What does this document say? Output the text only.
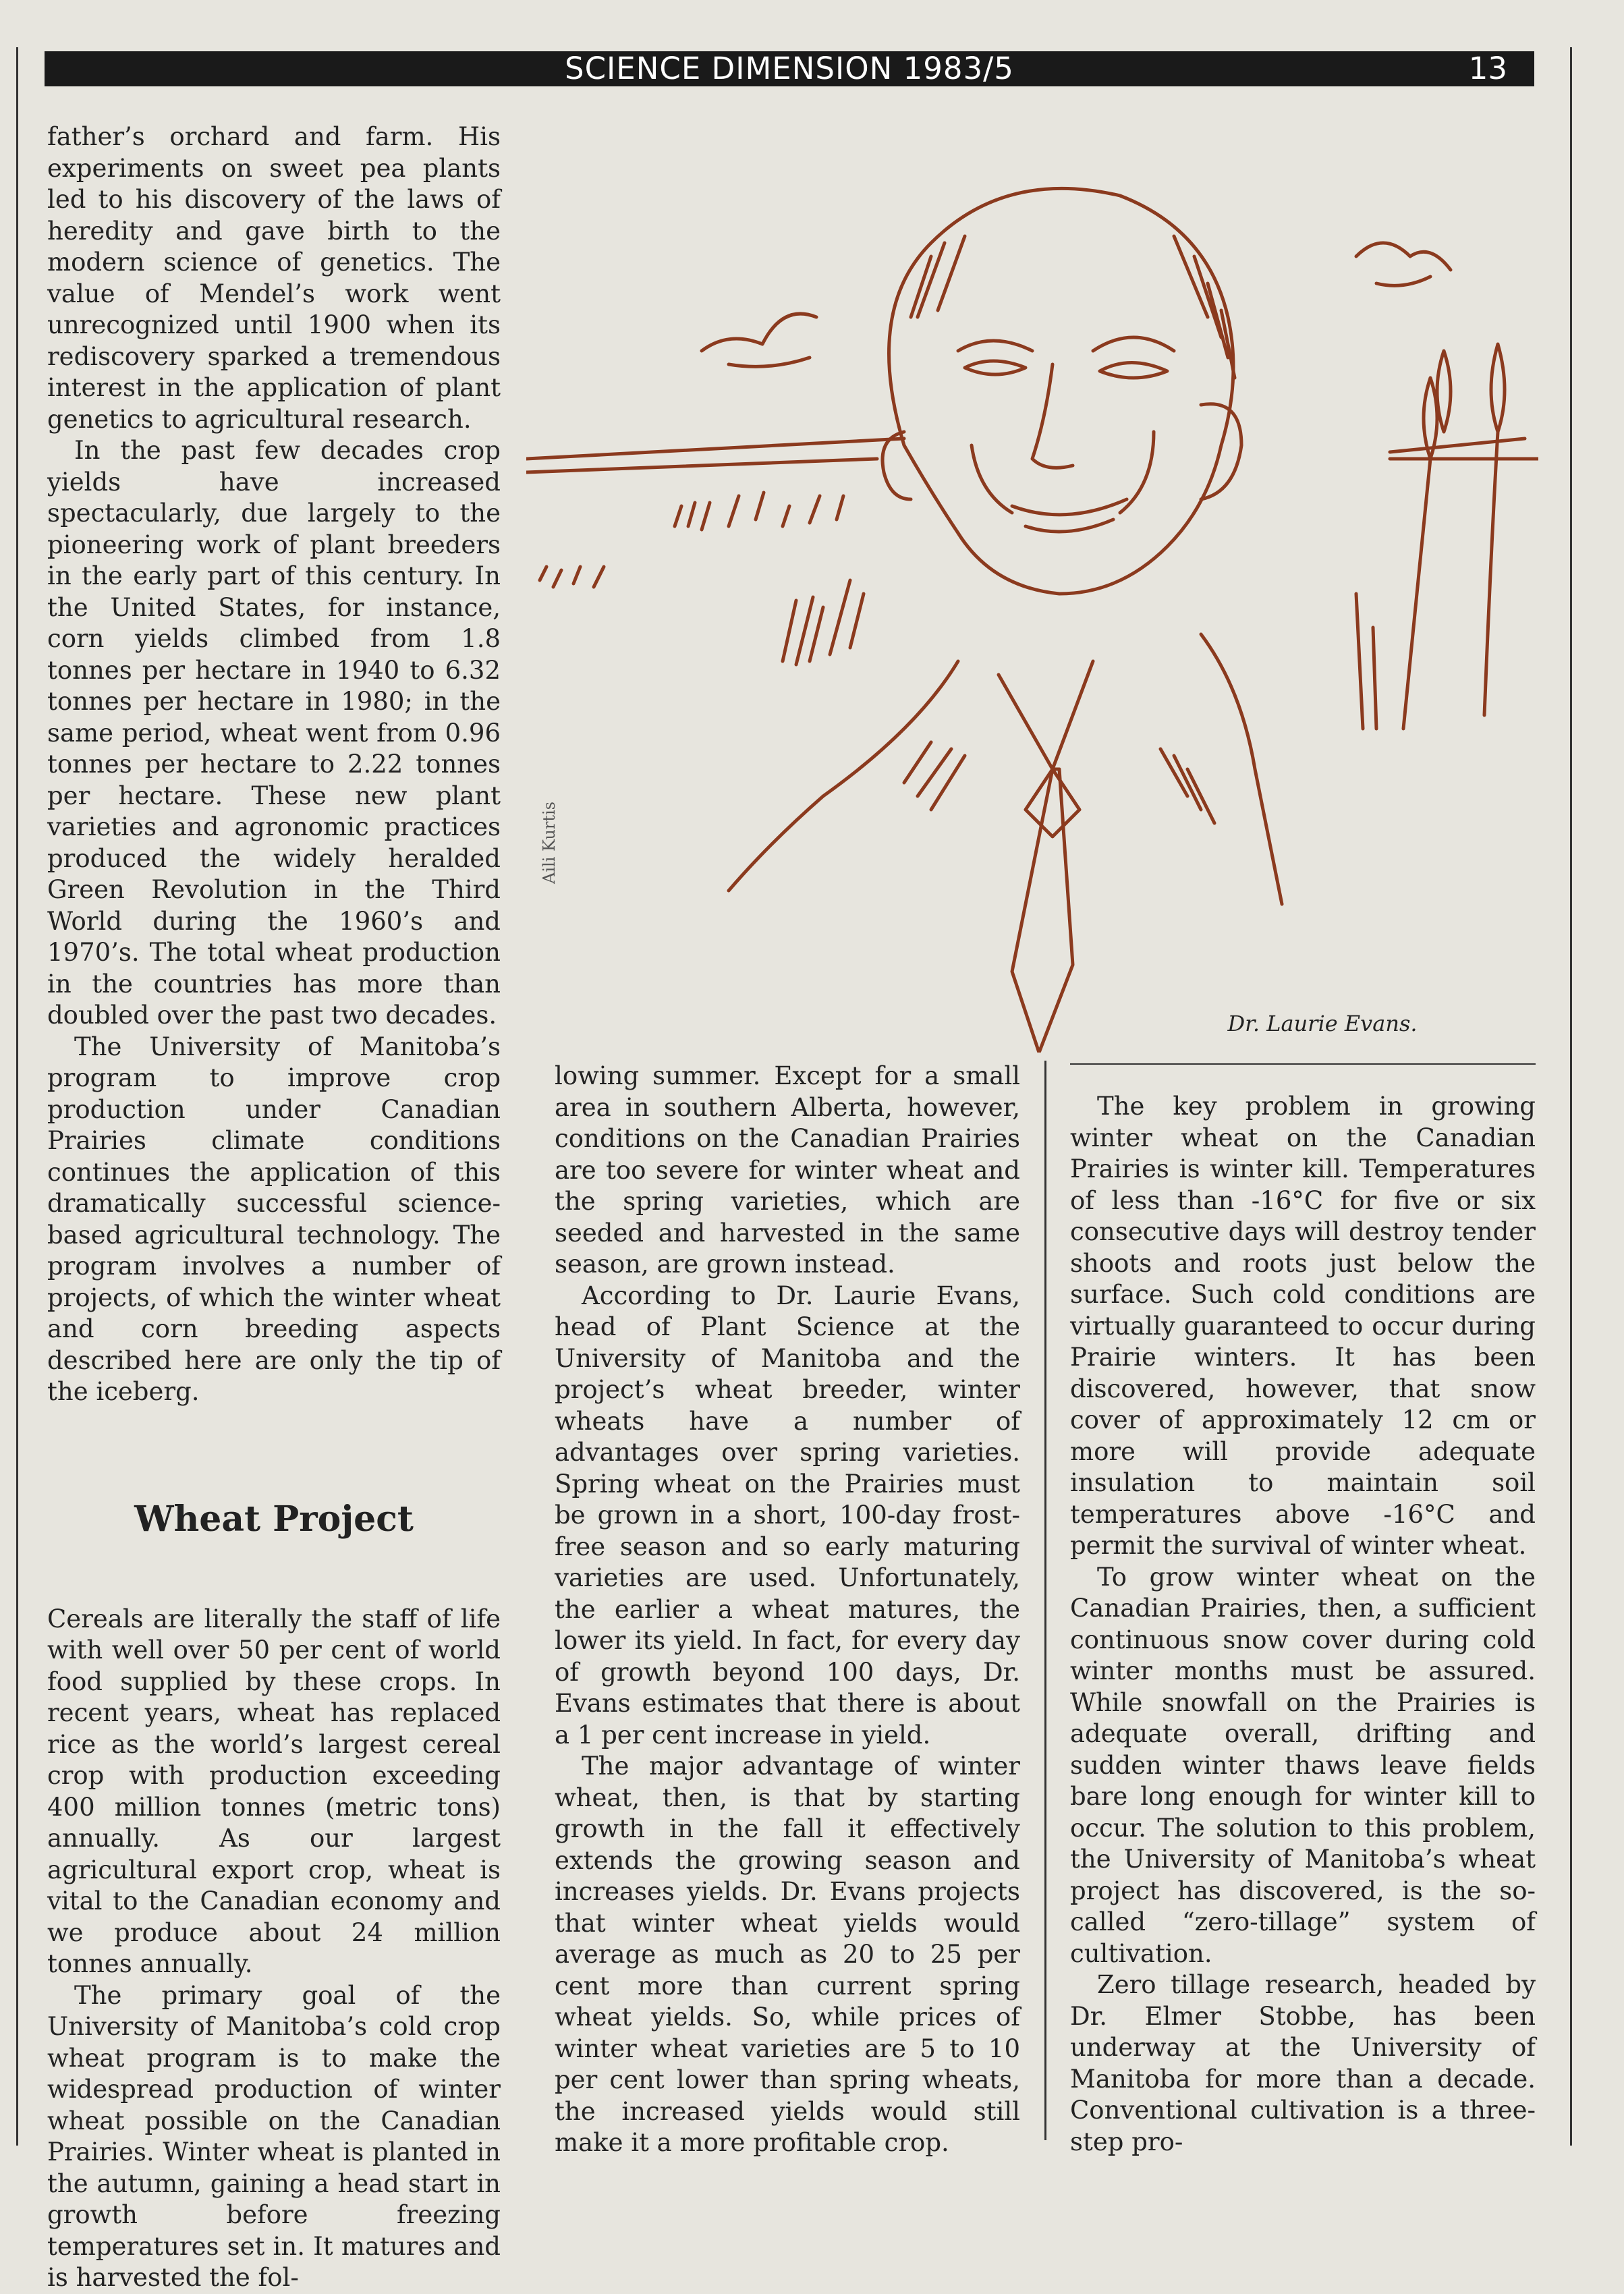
SCIENCE DIMENSION 1983/5	13

father’s orchard and farm. His experiments on sweet pea plants led to his discovery of the laws of heredity and gave birth to the modern science of genetics. The value of Mendel’s work went unrecognized until 1900 when its rediscovery sparked a tremendous interest in the application of plant genetics to agricultural research.

In the past few decades crop yields have increased spectacularly, due largely to the pioneering work of plant breeders in the early part of this century. In the United States, for instance, corn yields climbed from 1.8 tonnes per hectare in 1940 to 6.32 tonnes per hectare in 1980; in the same period, wheat went from 0.96 tonnes per hectare to 2.22 tonnes per hectare. These new plant varieties and agronomic practices produced the widely heralded Green Revolution in the Third World during the 1960’s and 1970’s. The total wheat production in the countries has more than doubled over the past two decades.

The University of Manitoba’s program to improve crop production under Canadian Prairies climate conditions continues the application of this dramatically successful science-based agricultural technology. The program involves a number of projects, of which the winter wheat and corn breeding aspects described here are only the tip of the iceberg.

Wheat Project

Cereals are literally the staff of life with well over 50 per cent of world food supplied by these crops. In recent years, wheat has replaced rice as the world’s largest cereal crop with production exceeding 400 million tonnes (metric tons) annually. As our largest agricultural export crop, wheat is vital to the Canadian economy and we produce about 24 million tonnes annually.

The primary goal of the University of Manitoba’s cold crop wheat program is to make the widespread production of winter wheat possible on the Canadian Prairies. Winter wheat is planted in the autumn, gaining a head start in growth before freezing temperatures set in. It matures and is harvested the fol-

Aili Kurtis
Dr. Laurie Evans.

lowing summer. Except for a small area in southern Alberta, however, conditions on the Canadian Prairies are too severe for winter wheat and the spring varieties, which are seeded and harvested in the same season, are grown instead.

According to Dr. Laurie Evans, head of Plant Science at the University of Manitoba and the project’s wheat breeder, winter wheats have a number of advantages over spring varieties. Spring wheat on the Prairies must be grown in a short, 100-day frost-free season and so early maturing varieties are used. Unfortunately, the earlier a wheat matures, the lower its yield. In fact, for every day of growth beyond 100 days, Dr. Evans estimates that there is about a 1 per cent increase in yield.

The major advantage of winter wheat, then, is that by starting growth in the fall it effectively extends the growing season and increases yields. Dr. Evans projects that winter wheat yields would average as much as 20 to 25 per cent more than current spring wheat yields. So, while prices of winter wheat varieties are 5 to 10 per cent lower than spring wheats, the increased yields would still make it a more profitable crop.

The key problem in growing winter wheat on the Canadian Prairies is winter kill. Temperatures of less than -16°C for five or six consecutive days will destroy tender shoots and roots just below the surface. Such cold conditions are virtually guaranteed to occur during Prairie winters. It has been discovered, however, that snow cover of approximately 12 cm or more will provide adequate insulation to maintain soil temperatures above -16°C and permit the survival of winter wheat.

To grow winter wheat on the Canadian Prairies, then, a sufficient continuous snow cover during cold winter months must be assured. While snowfall on the Prairies is adequate overall, drifting and sudden winter thaws leave fields bare long enough for winter kill to occur. The solution to this problem, the University of Manitoba’s wheat project has discovered, is the so-called “zero-tillage” system of cultivation.

Zero tillage research, headed by Dr. Elmer Stobbe, has been underway at the University of Manitoba for more than a decade. Conventional cultivation is a three-step pro-
